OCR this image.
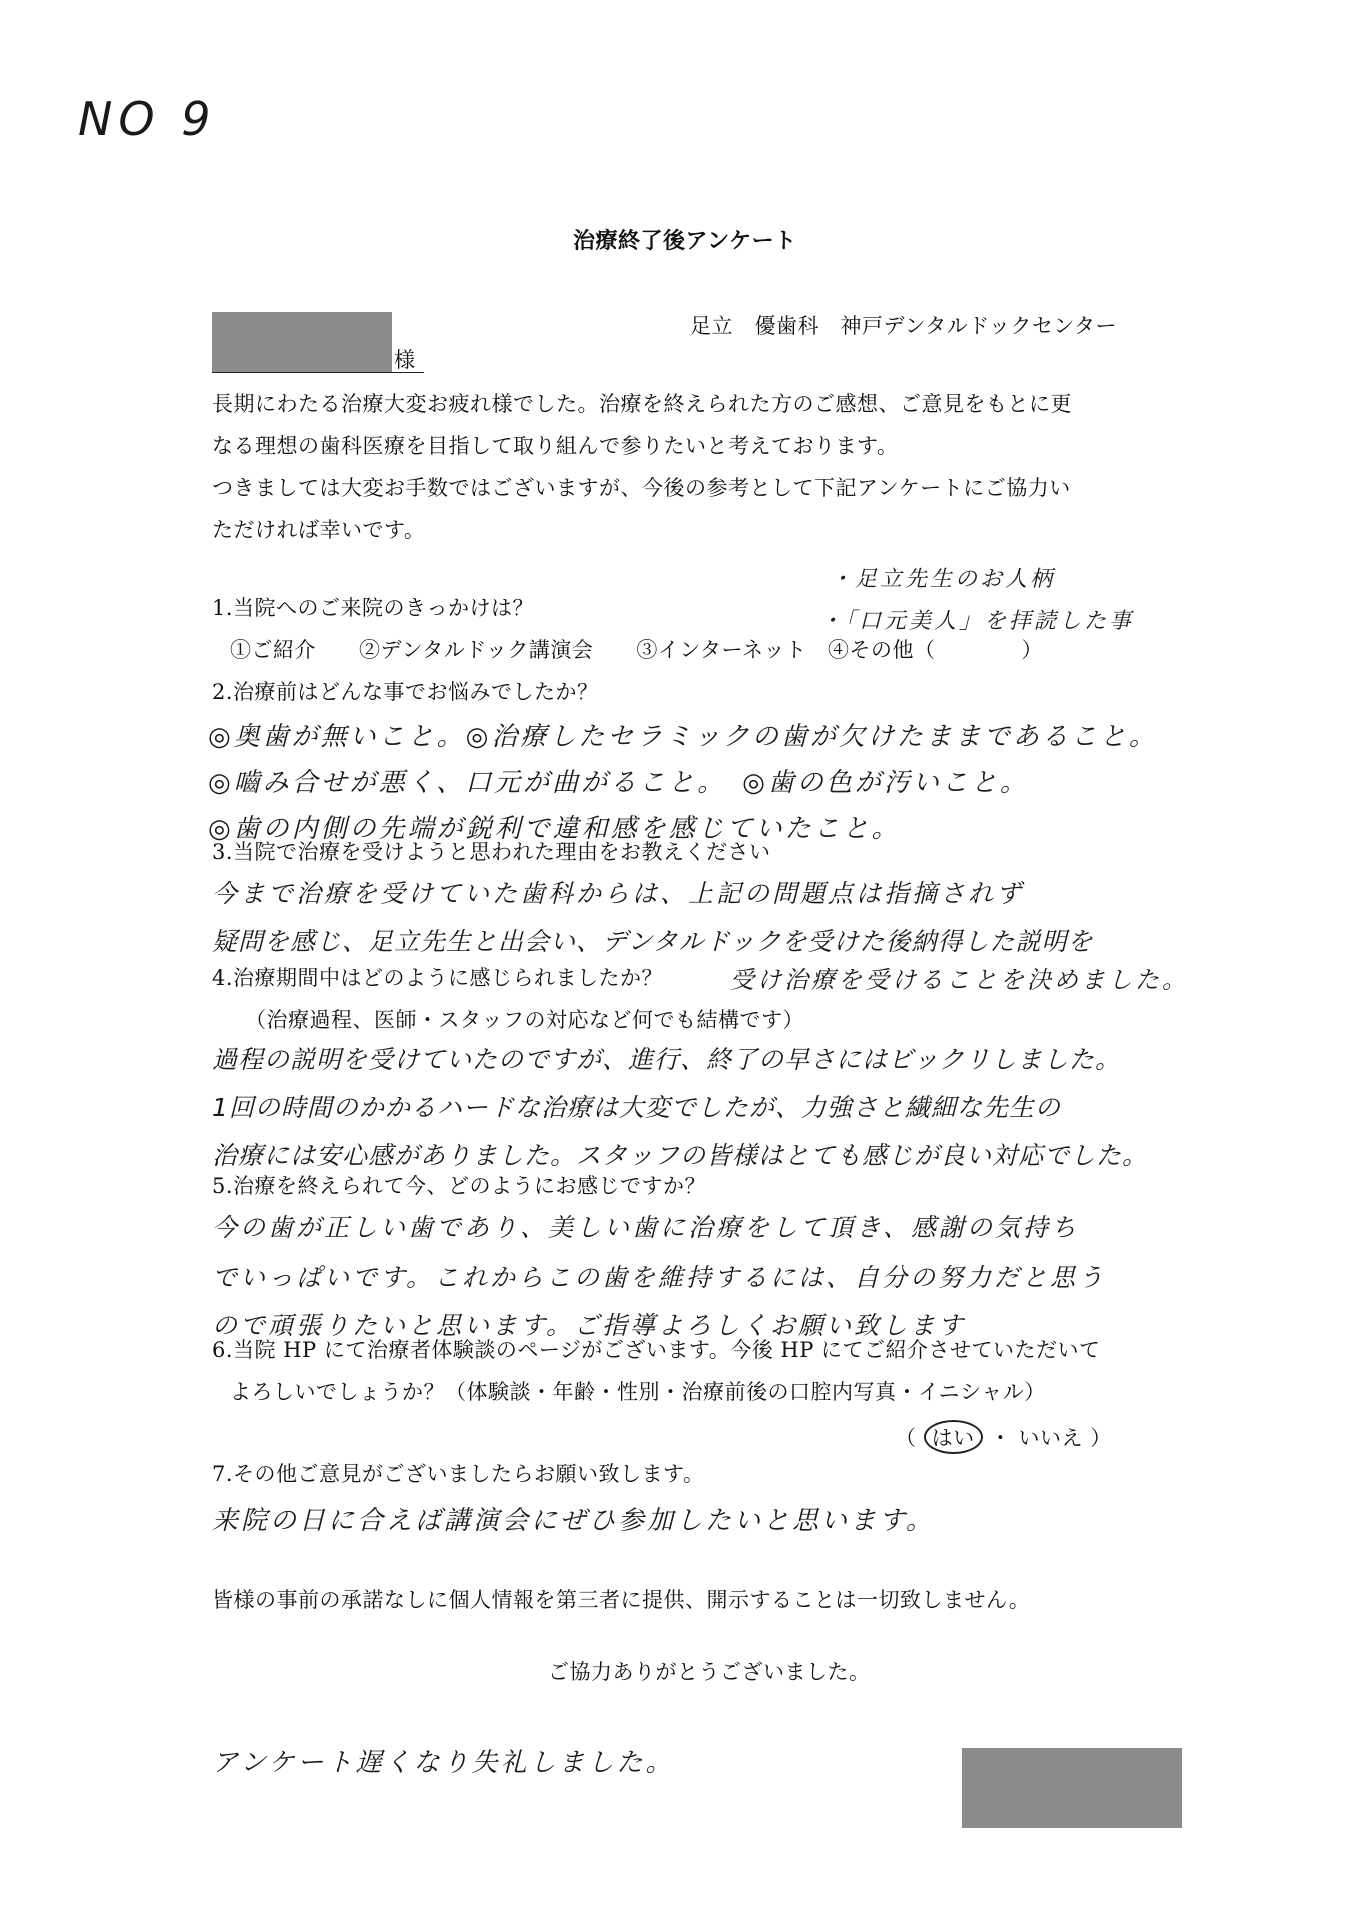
NO 9
治療終了後アンケート
様
足立　優歯科　神戸デンタルドックセンター
長期にわたる治療大変お疲れ様でした。治療を終えられた方のご感想、ご意見をもとに更
なる理想の歯科医療を目指して取り組んで参りたいと考えております。
つきましては大変お手数ではございますが、今後の参考として下記アンケートにご協力い
ただければ幸いです。
・足立先生のお人柄
・「口元美人」を拝読した事
1.当院へのご来院のきっかけは？
①ご紹介　　②デンタルドック講演会　　③インターネット　④その他（　　　　）
2.治療前はどんな事でお悩みでしたか？
◎奥歯が無いこと。◎治療したセラミックの歯が欠けたままであること。
◎嚙み合せが悪く、口元が曲がること。　◎歯の色が汚いこと。
◎歯の内側の先端が鋭利で違和感を感じていたこと。
3.当院で治療を受けようと思われた理由をお教えください
今まで治療を受けていた歯科からは、上記の問題点は指摘されず
疑問を感じ、足立先生と出会い、デンタルドックを受けた後納得した説明を
4.治療期間中はどのように感じられましたか？	受け治療を受けることを決めました。
（治療過程、医師・スタッフの対応など何でも結構です）
過程の説明を受けていたのですが、進行、終了の早さにはビックリしました。
1回の時間のかかるハードな治療は大変でしたが、力強さと繊細な先生の
治療には安心感がありました。スタッフの皆様はとても感じが良い対応でした。
5.治療を終えられて今、どのようにお感じですか？
今の歯が正しい歯であり、美しい歯に治療をして頂き、感謝の気持ち
でいっぱいです。これからこの歯を維持するには、自分の努力だと思う
ので頑張りたいと思います。ご指導よろしくお願い致します
6.当院 HP にて治療者体験談のページがございます。今後 HP にてご紹介させていただいて
よろしいでしょうか？（体験談・年齢・性別・治療前後の口腔内写真・イニシャル）
（ はい ・ いいえ ）
7.その他ご意見がございましたらお願い致します。
来院の日に合えば講演会にぜひ参加したいと思います。
皆様の事前の承諾なしに個人情報を第三者に提供、開示することは一切致しません。
ご協力ありがとうございました。
アンケート遅くなり失礼しました。
